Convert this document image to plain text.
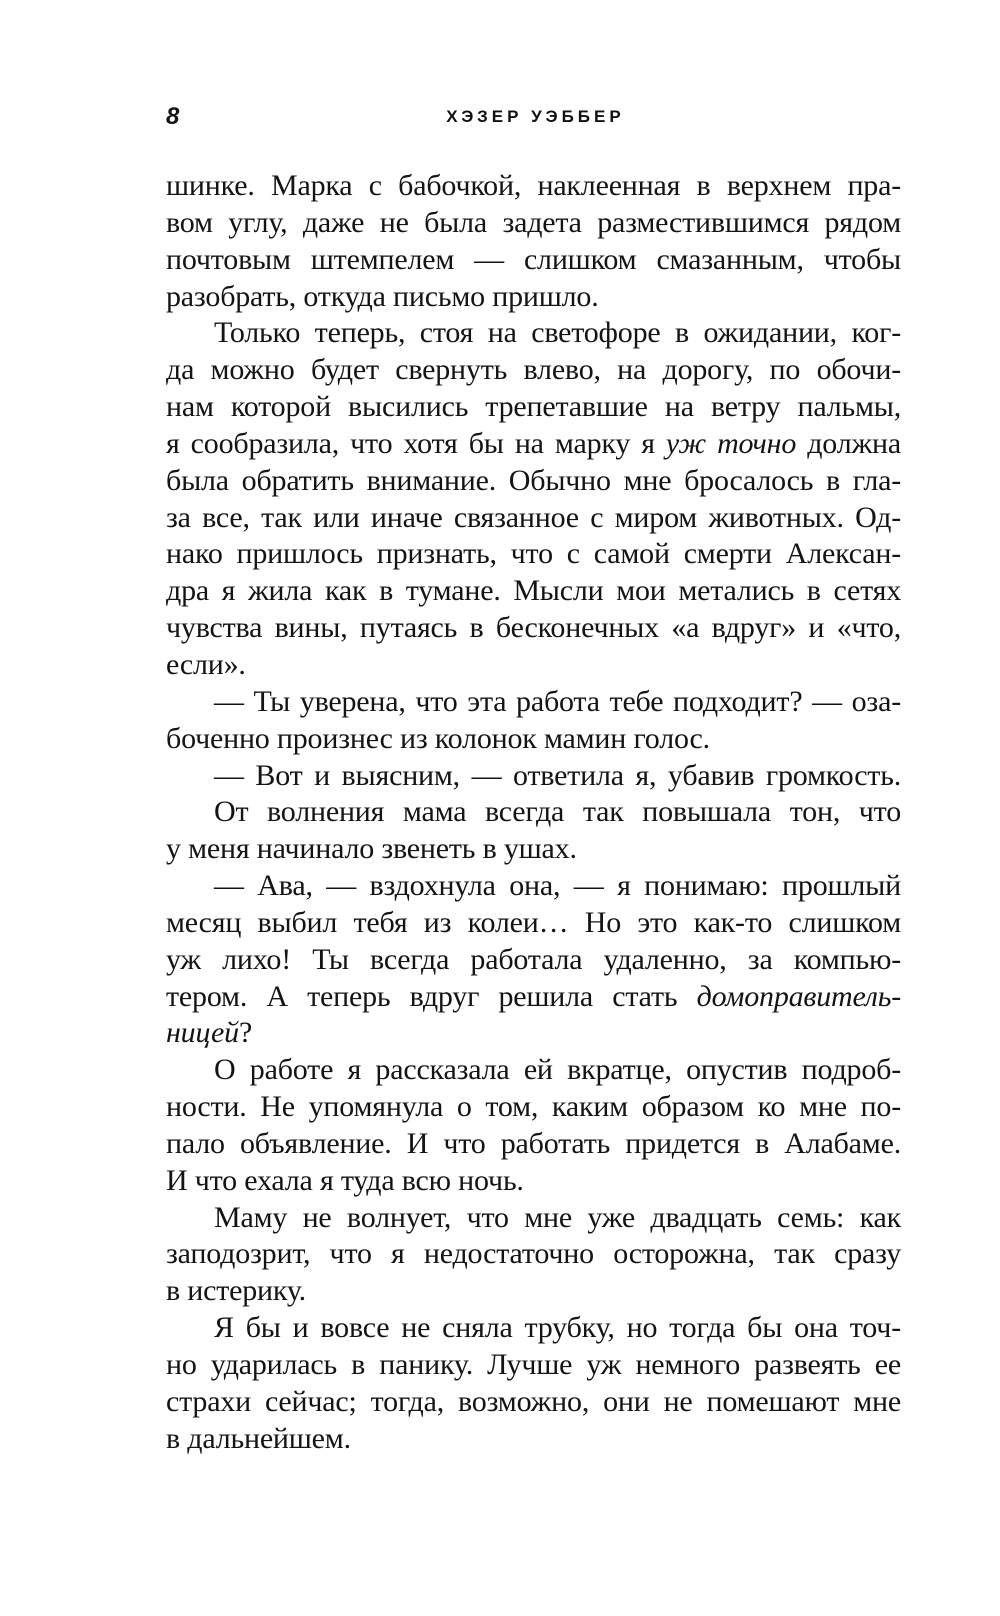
8	ХЭЗЕР УЭББЕР

шинке. Марка с бабочкой, наклеенная в верхнем пра-
вом углу, даже не была задета разместившимся рядом
почтовым штемпелем — слишком смазанным, чтобы
разобрать, откуда письмо пришло.

Только теперь, стоя на светофоре в ожидании, ког-
да можно будет свернуть влево, на дорогу, по обочи-
нам которой высились трепетавшие на ветру пальмы,
я сообразила, что хотя бы на марку я уж точно должна
была обратить внимание. Обычно мне бросалось в гла-
за все, так или иначе связанное с миром животных. Од-
нако пришлось признать, что с самой смерти Алексан-
дра я жила как в тумане. Мысли мои метались в сетях
чувства вины, путаясь в бесконечных «а вдруг» и «что,
если».

— Ты уверена, что эта работа тебе подходит? — оза-
боченно произнес из колонок мамин голос.

— Вот и выясним, — ответила я, убавив громкость.

От волнения мама всегда так повышала тон, что
у меня начинало звенеть в ушах.

— Ава, — вздохнула она, — я понимаю: прошлый
месяц выбил тебя из колеи… Но это как-то слишком
уж лихо! Ты всегда работала удаленно, за компью-
тером. А теперь вдруг решила стать домоправитель-
ницей?

О работе я рассказала ей вкратце, опустив подроб-
ности. Не упомянула о том, каким образом ко мне по-
пало объявление. И что работать придется в Алабаме.
И что ехала я туда всю ночь.

Маму не волнует, что мне уже двадцать семь: как
заподозрит, что я недостаточно осторожна, так сразу
в истерику.

Я бы и вовсе не сняла трубку, но тогда бы она точ-
но ударилась в панику. Лучше уж немного развеять ее
страхи сейчас; тогда, возможно, они не помешают мне
в дальнейшем.
